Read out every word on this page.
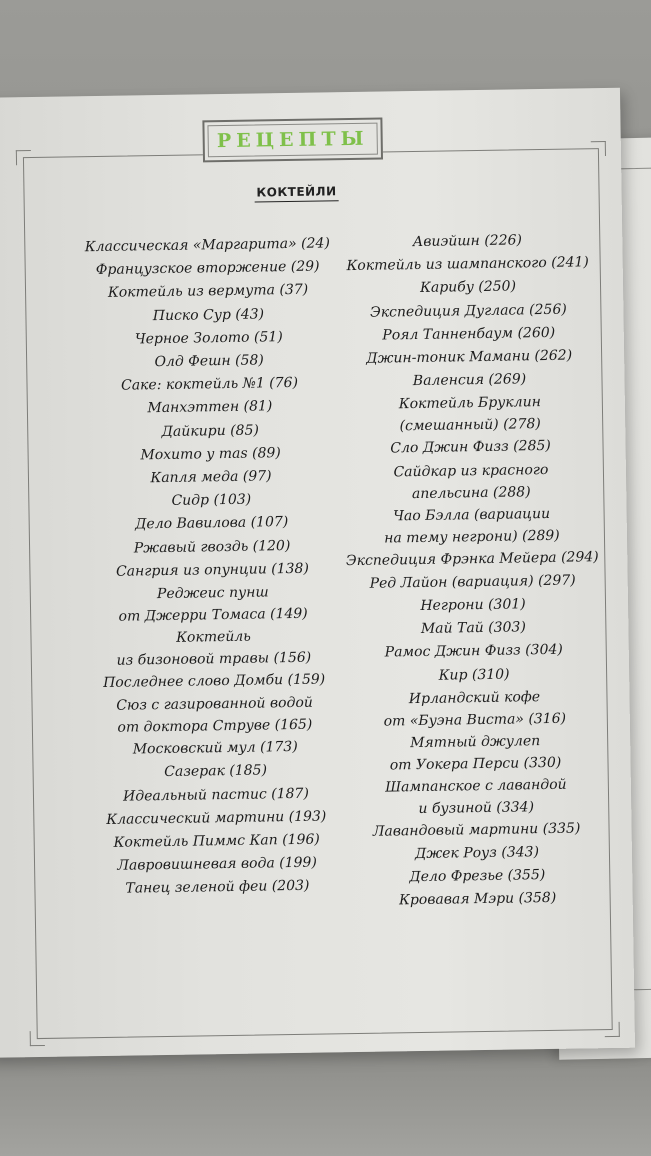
РЕЦЕПТЫ
КОКТЕЙЛИ
Классическая «Маргарита» (24)
Французское вторжение (29)
Коктейль из вермута (37)
Писко Сур (43)
Черное Золото (51)
Олд Фешн (58)
Саке: коктейль №1 (76)
Манхэттен (81)
Дайкири (85)
Мохито у mas (89)
Капля меда (97)
Сидр (103)
Дело Вавилова (107)
Ржавый гвоздь (120)
Сангрия из опунции (138)
Реджеис пунш
от Джерри Томаса (149)
Коктейль
из бизоновой травы (156)
Последнее слово Домби (159)
Сюз с газированной водой
от доктора Струве (165)
Московский мул (173)
Сазерак (185)
Идеальный пастис (187)
Классический мартини (193)
Коктейль Пиммс Кап (196)
Лавровишневая вода (199)
Танец зеленой феи (203)
Авиэйшн (226)
Коктейль из шампанского (241)
Карибу (250)
Экспедиция Дугласа (256)
Роял Танненбаум (260)
Джин-тоник Мамани (262)
Валенсия (269)
Коктейль Бруклин
(смешанный) (278)
Сло Джин Физз (285)
Сайдкар из красного
апельсина (288)
Чао Бэлла (вариации
на тему негрони) (289)
Экспедиция Фрэнка Мейера (294)
Ред Лайон (вариация) (297)
Негрони (301)
Май Тай (303)
Рамос Джин Физз (304)
Кир (310)
Ирландский кофе
от «Буэна Виста» (316)
Мятный джулеп
от Уокера Перси (330)
Шампанское с лавандой
и бузиной (334)
Лавандовый мартини (335)
Джек Роуз (343)
Дело Фрезье (355)
Кровавая Мэри (358)
